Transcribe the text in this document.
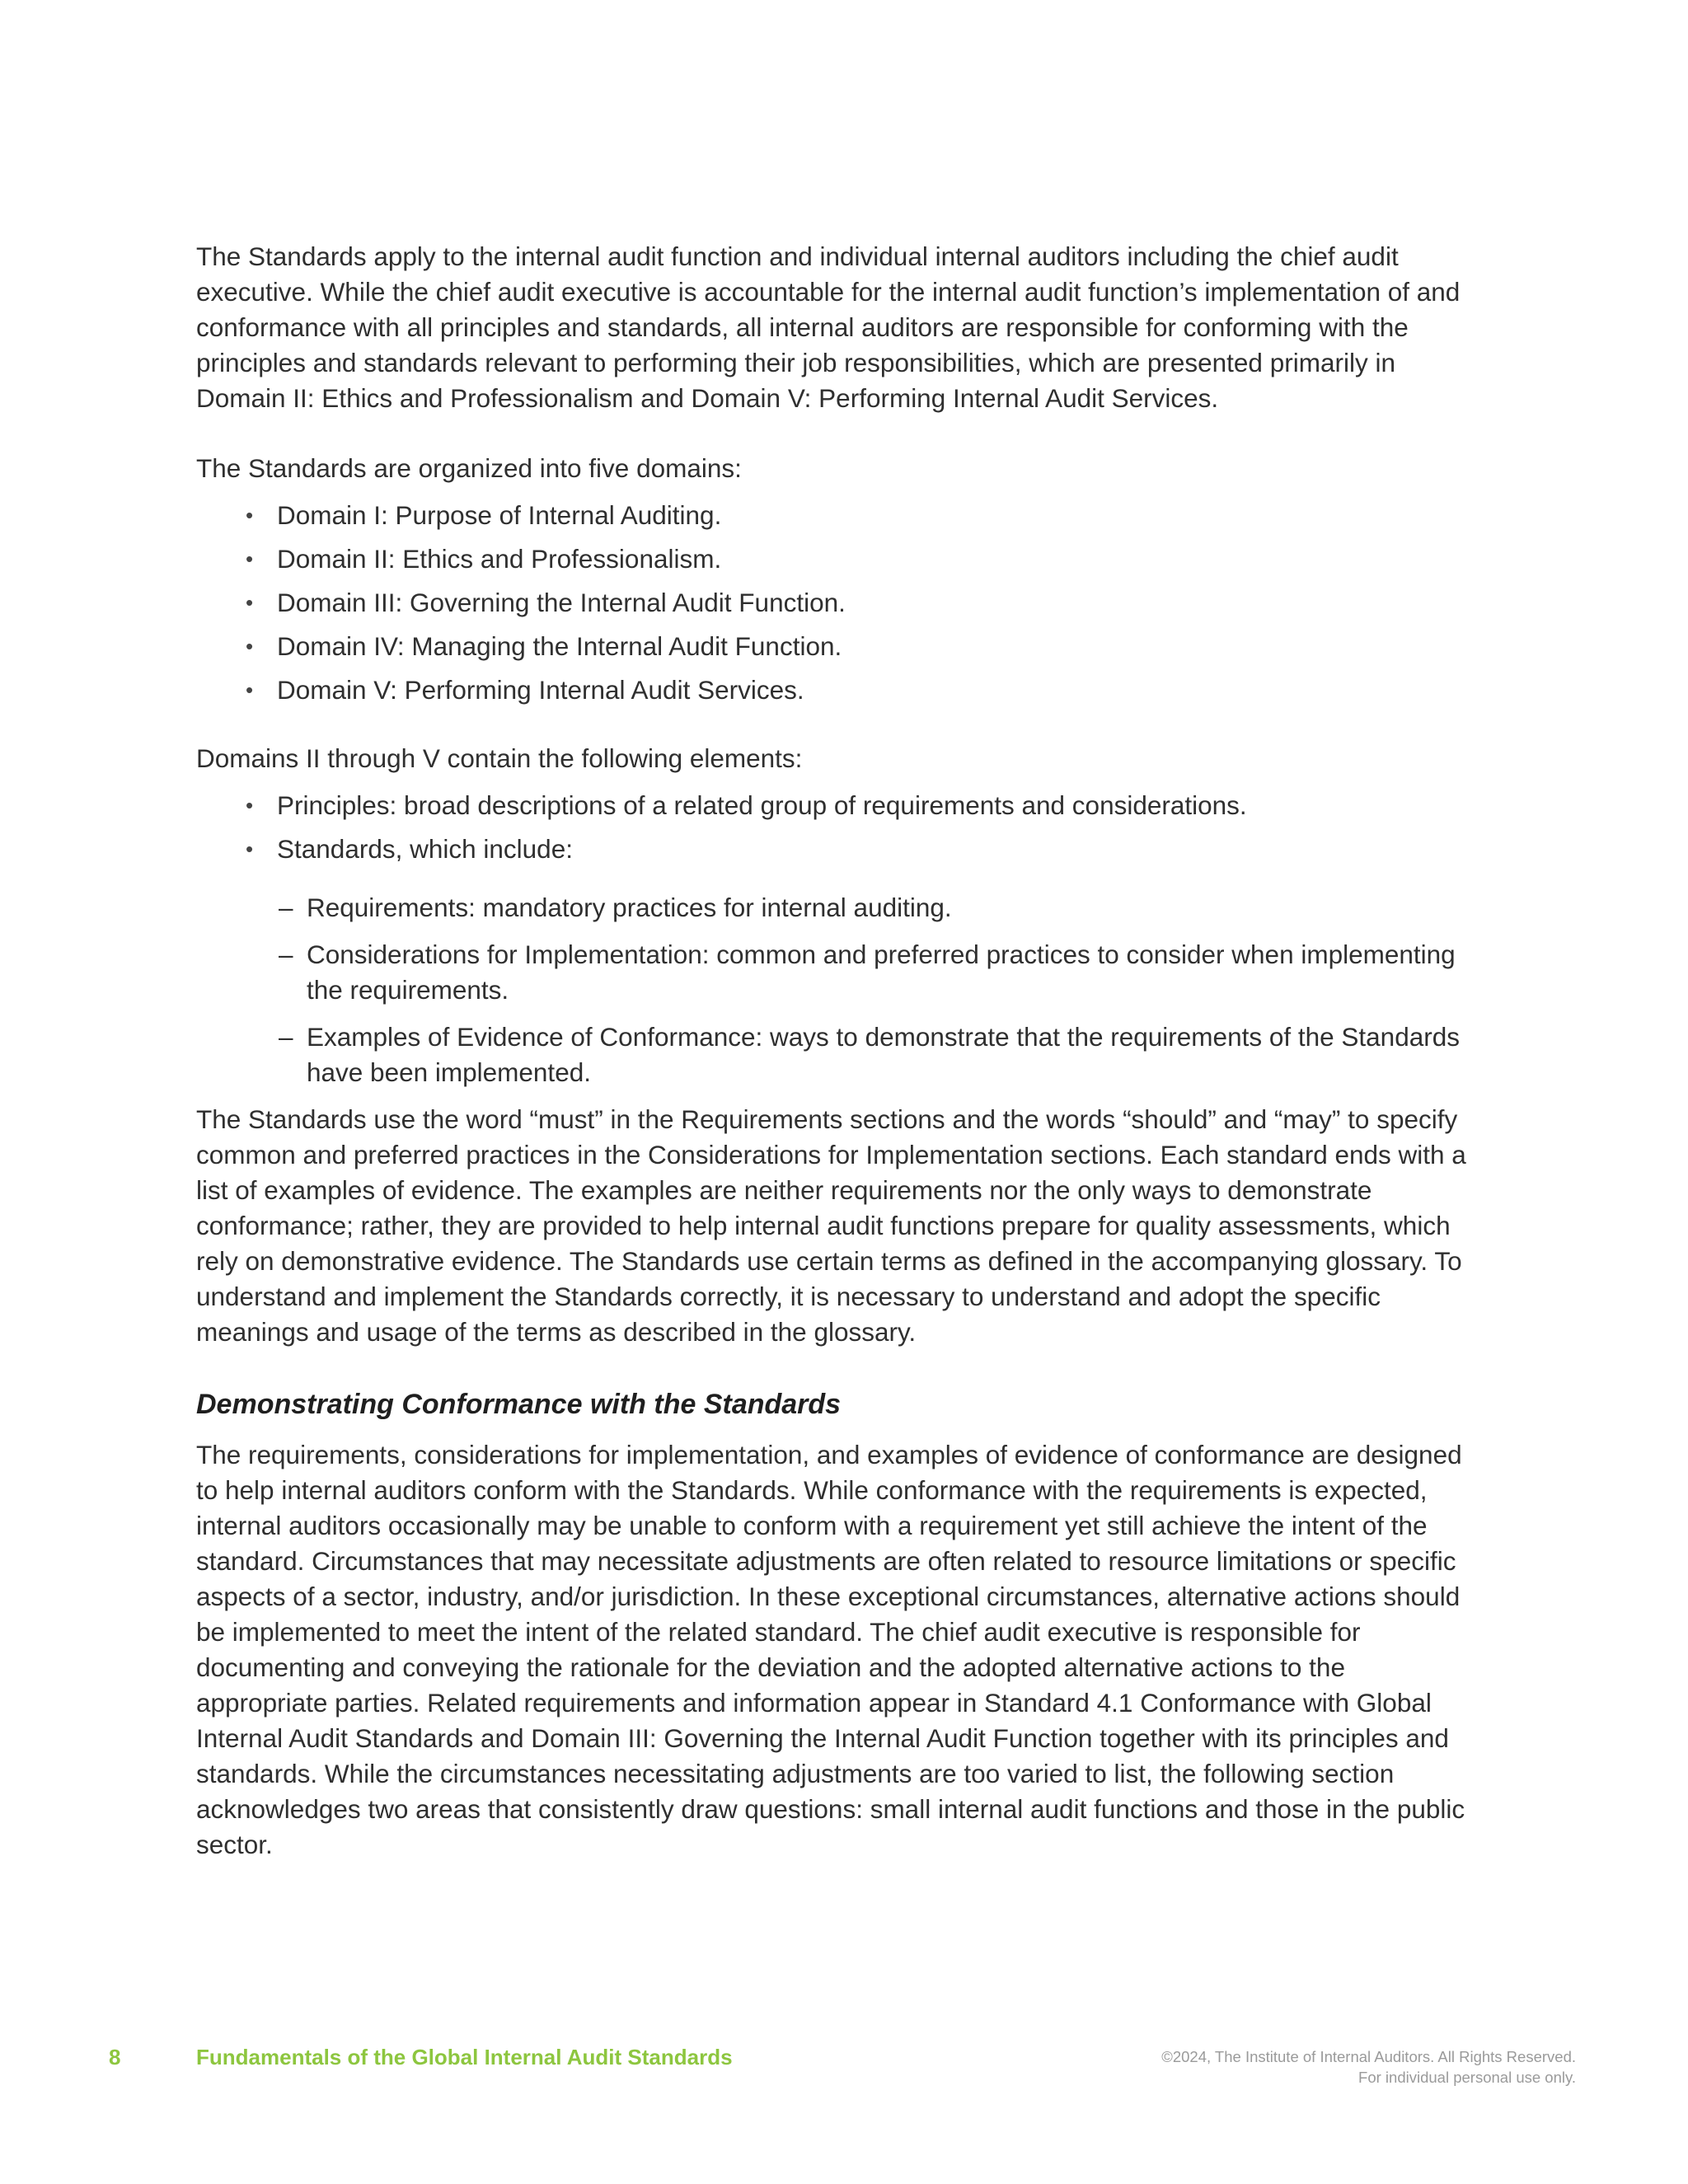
The Standards apply to the internal audit function and individual internal auditors including the chief audit executive. While the chief audit executive is accountable for the internal audit function’s implementation of and conformance with all principles and standards, all internal auditors are responsible for conforming with the principles and standards relevant to performing their job responsibilities, which are presented primarily in Domain II: Ethics and Professionalism and Domain V: Performing Internal Audit Services.

The Standards are organized into five domains:

• Domain I: Purpose of Internal Auditing.
• Domain II: Ethics and Professionalism.
• Domain III: Governing the Internal Audit Function.
• Domain IV: Managing the Internal Audit Function.
• Domain V: Performing Internal Audit Services.

Domains II through V contain the following elements:

• Principles: broad descriptions of a related group of requirements and considerations.
• Standards, which include:
– Requirements: mandatory practices for internal auditing.
– Considerations for Implementation: common and preferred practices to consider when implementing the requirements.
– Examples of Evidence of Conformance: ways to demonstrate that the requirements of the Standards have been implemented.

The Standards use the word “must” in the Requirements sections and the words “should” and “may” to specify common and preferred practices in the Considerations for Implementation sections. Each standard ends with a list of examples of evidence. The examples are neither requirements nor the only ways to demonstrate conformance; rather, they are provided to help internal audit functions prepare for quality assessments, which rely on demonstrative evidence. The Standards use certain terms as defined in the accompanying glossary. To understand and implement the Standards correctly, it is necessary to understand and adopt the specific meanings and usage of the terms as described in the glossary.

Demonstrating Conformance with the Standards

The requirements, considerations for implementation, and examples of evidence of conformance are designed to help internal auditors conform with the Standards. While conformance with the requirements is expected, internal auditors occasionally may be unable to conform with a requirement yet still achieve the intent of the standard. Circumstances that may necessitate adjustments are often related to resource limitations or specific aspects of a sector, industry, and/or jurisdiction. In these exceptional circumstances, alternative actions should be implemented to meet the intent of the related standard. The chief audit executive is responsible for documenting and conveying the rationale for the deviation and the adopted alternative actions to the appropriate parties. Related requirements and information appear in Standard 4.1 Conformance with Global Internal Audit Standards and Domain III: Governing the Internal Audit Function together with its principles and standards. While the circumstances necessitating adjustments are too varied to list, the following section acknowledges two areas that consistently draw questions: small internal audit functions and those in the public sector.

8	Fundamentals of the Global Internal Audit Standards	©2024, The Institute of Internal Auditors. All Rights Reserved.
For individual personal use only.
